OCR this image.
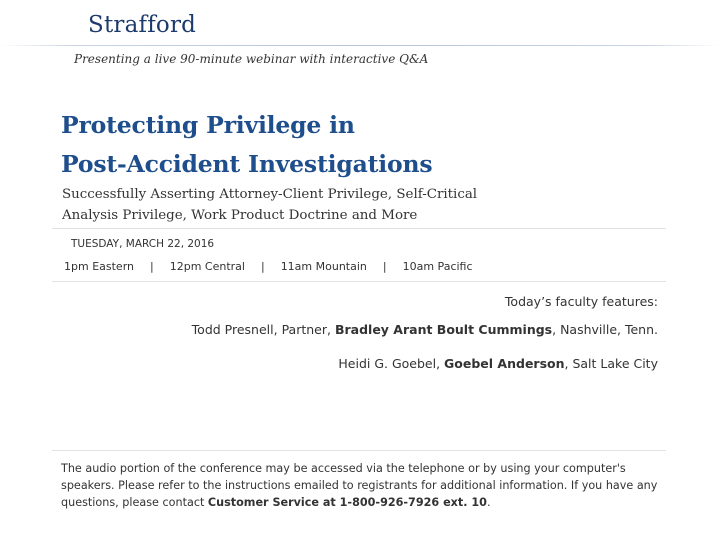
Strafford
Presenting a live 90-minute webinar with interactive Q&A
Protecting Privilege in
Post-Accident Investigations

Successfully Asserting Attorney-Client Privilege, Self-Critical
Analysis Privilege, Work Product Doctrine and More

TUESDAY, MARCH 22, 2016
1pm Eastern | 12pm Central | 11am Mountain | 10am Pacific
Today’s faculty features:
Todd Presnell, Partner, Bradley Arant Boult Cummings, Nashville, Tenn.
Heidi G. Goebel, Goebel Anderson, Salt Lake City

The audio portion of the conference may be accessed via the telephone or by using your computer's speakers. Please refer to the instructions emailed to registrants for additional information. If you have any questions, please contact Customer Service at 1-800-926-7926 ext. 10.
